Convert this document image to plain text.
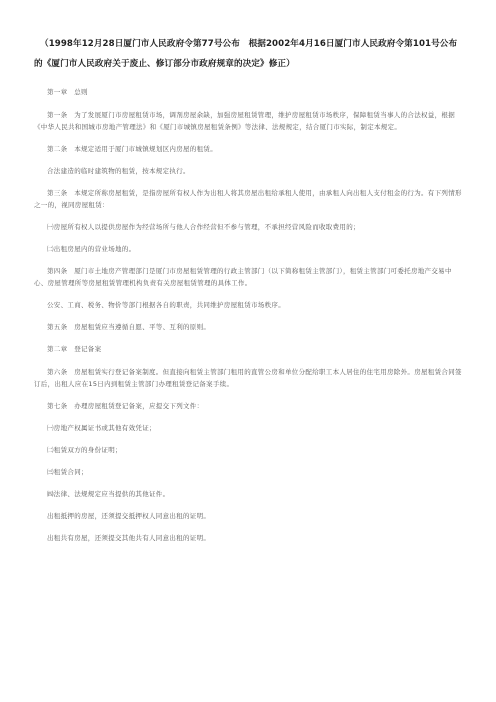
（1998年12月28日厦门市人民政府令第77号公布　根据2002年4月16日厦门市人民政府令第101号公布的《厦门市人民政府关于废止、修订部分市政府规章的决定》修正）

第一章　总则

第一条　为了发展厦门市房屋租赁市场，调剂房屋余缺，加强房屋租赁管理，维护房屋租赁市场秩序，保障租赁当事人的合法权益，根据《中华人民共和国城市房地产管理法》和《厦门市城镇房屋租赁条例》等法律、法规规定，结合厦门市实际，制定本规定。

第二条　本规定适用于厦门市城镇规划区内房屋的租赁。

合法建造的临时建筑物的租赁，按本规定执行。

第三条　本规定所称房屋租赁，是指房屋所有权人作为出租人将其房屋出租给承租人使用，由承租人向出租人支付租金的行为。有下列情形之一的，视同房屋租赁：

㈠房屋所有权人以提供房屋作为经营场所与他人合作经营但不参与管理，不承担经营风险而收取费用的；

㈡出租房屋内的营业场地的。

第四条　厦门市土地房产管理部门是厦门市房屋租赁管理的行政主管部门（以下简称租赁主管部门），租赁主管部门可委托房地产交易中心、房屋管理所等房屋租赁管理机构负责有关房屋租赁管理的具体工作。

公安、工商、税务、物价等部门根据各自的职责，共同维护房屋租赁市场秩序。

第五条　房屋租赁应当遵循自愿、平等、互利的原则。

第二章　登记备案

第六条　房屋租赁实行登记备案制度。但直接向租赁主管部门租用的直管公房和单位分配给职工本人居住的住宅用房除外。房屋租赁合同签订后，出租人应在15日内到租赁主管部门办理租赁登记备案手续。

第七条　办理房屋租赁登记备案，应提交下列文件：

㈠房地产权属证书或其他有效凭证；

㈡租赁双方的身份证明；

㈢租赁合同；

㈣法律、法规规定应当提供的其他证件。

出租抵押的房屋，还须提交抵押权人同意出租的证明。

出租共有房屋，还须提交其他共有人同意出租的证明。
